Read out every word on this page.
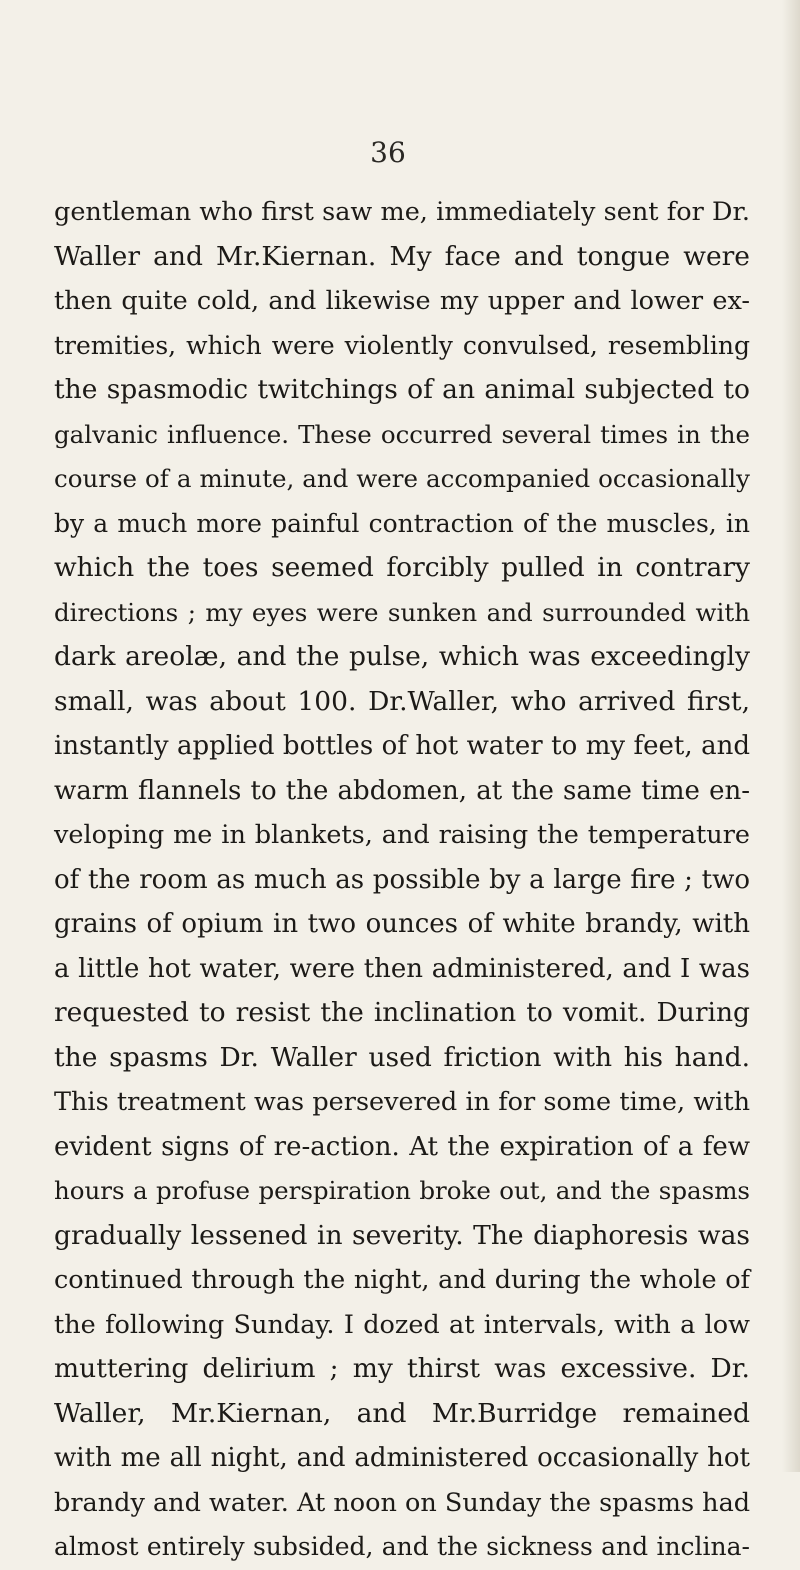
36
gentleman who first saw me, immediately sent for Dr.
Waller and Mr.Kiernan. My face and tongue were
then quite cold, and likewise my upper and lower ex-
tremities, which were violently convulsed, resembling
the spasmodic twitchings of an animal subjected to
galvanic influence. These occurred several times in the
course of a minute, and were accompanied occasionally
by a much more painful contraction of the muscles, in
which the toes seemed forcibly pulled in contrary
directions ; my eyes were sunken and surrounded with
dark areolæ, and the pulse, which was exceedingly
small, was about 100. Dr.Waller, who arrived first,
instantly applied bottles of hot water to my feet, and
warm flannels to the abdomen, at the same time en-
veloping me in blankets, and raising the temperature
of the room as much as possible by a large fire ; two
grains of opium in two ounces of white brandy, with
a little hot water, were then administered, and I was
requested to resist the inclination to vomit. During
the spasms Dr. Waller used friction with his hand.
This treatment was persevered in for some time, with
evident signs of re-action. At the expiration of a few
hours a profuse perspiration broke out, and the spasms
gradually lessened in severity. The diaphoresis was
continued through the night, and during the whole of
the following Sunday. I dozed at intervals, with a low
muttering delirium ; my thirst was excessive. Dr.
Waller, Mr.Kiernan, and Mr.Burridge remained
with me all night, and administered occasionally hot
brandy and water. At noon on Sunday the spasms had
almost entirely subsided, and the sickness and inclina-
